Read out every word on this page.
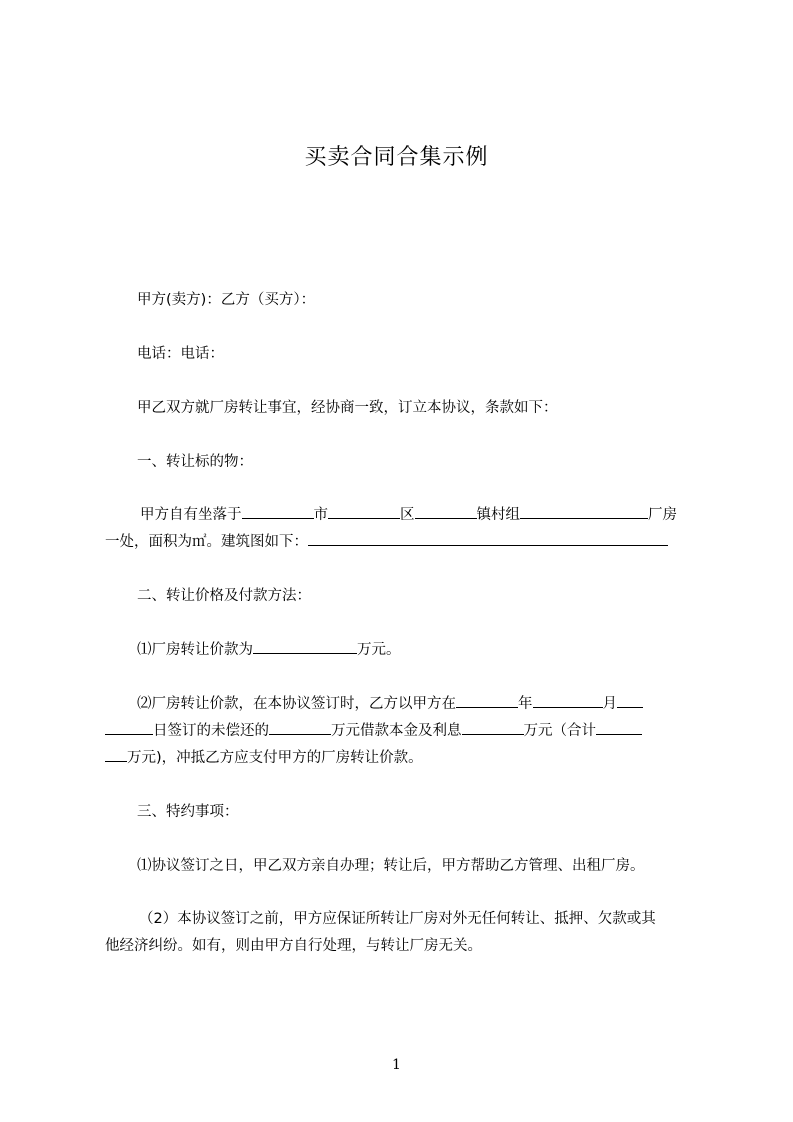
买卖合同合集示例
甲方(卖方)：乙方（买方）：
电话：电话：
甲乙双方就厂房转让事宜，经协商一致，订立本协议，条款如下：
一、转让标的物：
甲方自有坐落于	市	区	镇村组	厂房
一处，面积为㎡。建筑图如下：
二、转让价格及付款方法：
⑴厂房转让价款为	万元。
⑵厂房转让价款，在本协议签订时，乙方以甲方在	年	月
日签订的未偿还的	万元借款本金及利息	万元（合计
万元)，冲抵乙方应支付甲方的厂房转让价款。
三、特约事项：
⑴协议签订之日，甲乙双方亲自办理；转让后，甲方帮助乙方管理、出租厂房。
（2）本协议签订之前，甲方应保证所转让厂房对外无任何转让、抵押、欠款或其
他经济纠纷。如有，则由甲方自行处理，与转让厂房无关。
1
